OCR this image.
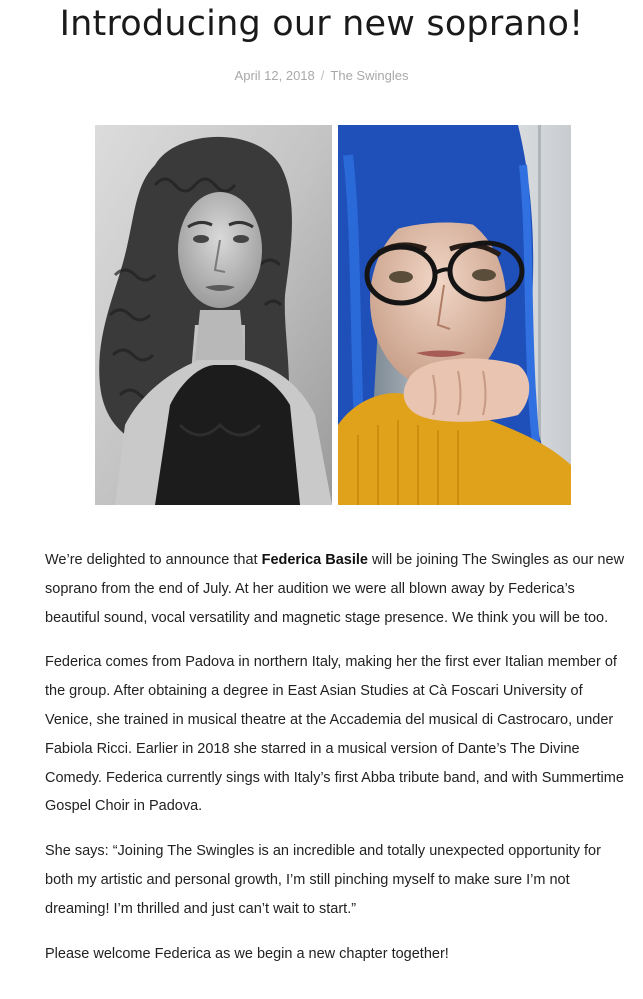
Introducing our new soprano!
April 12, 2018 / The Swingles

We’re delighted to announce that Federica Basile will be joining The Swingles as our new soprano from the end of July. At her audition we were all blown away by Federica’s beautiful sound, vocal versatility and magnetic stage presence. We think you will be too.

Federica comes from Padova in northern Italy, making her the first ever Italian member of the group. After obtaining a degree in East Asian Studies at Cà Foscari University of Venice, she trained in musical theatre at the Accademia del musical di Castrocaro, under Fabiola Ricci. Earlier in 2018 she starred in a musical version of Dante’s The Divine Comedy. Federica currently sings with Italy’s first Abba tribute band, and with Summertime Gospel Choir in Padova.

She says: “Joining The Swingles is an incredible and totally unexpected opportunity for both my artistic and personal growth, I’m still pinching myself to make sure I’m not dreaming! I’m thrilled and just can’t wait to start.”

Please welcome Federica as we begin a new chapter together!
